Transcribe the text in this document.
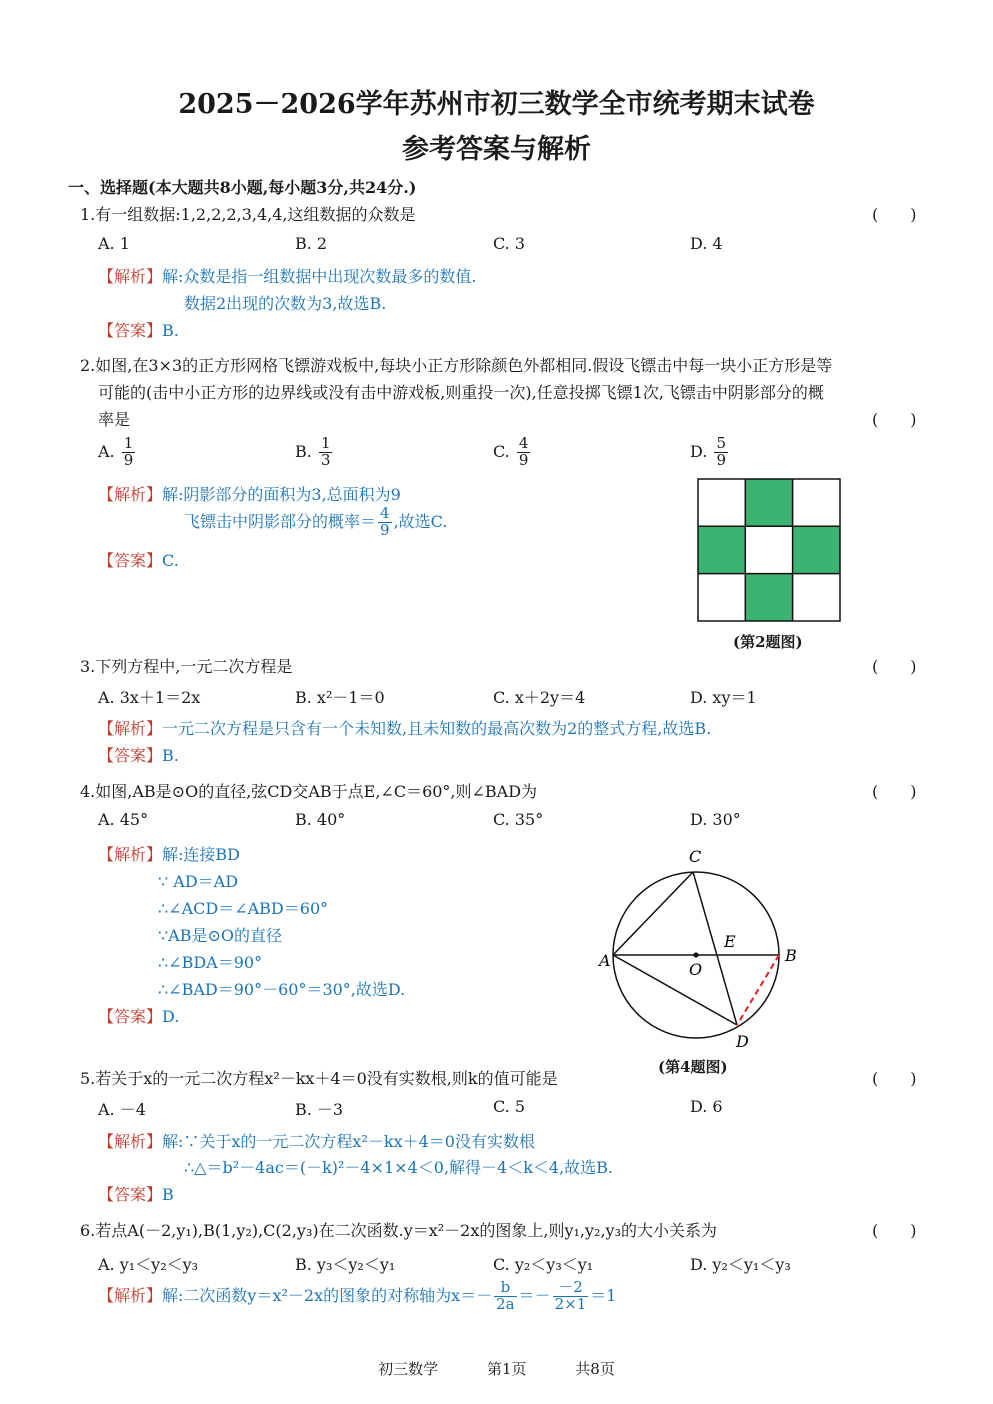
2025－2026学年苏州市初三数学全市统考期末试卷
参考答案与解析
一、选择题(本大题共8小题,每小题3分,共24分.)
1.有一组数据:1,2,2,2,3,4,4,这组数据的众数是	(　　)
A. 1	B. 2	C. 3	D. 4
【解析】解:众数是指一组数据中出现次数最多的数值.
数据2出现的次数为3,故选B.
【答案】B.
2.如图,在3×3的正方形网格飞镖游戏板中,每块小正方形除颜色外都相同.假设飞镖击中每一块小正方形是等
可能的(击中小正方形的边界线或没有击中游戏板,则重投一次),任意投掷飞镖1次,飞镖击中阴影部分的概
率是	(　　)
A. $\frac{1}{9}$	B. $\frac{1}{3}$	C. $\frac{4}{9}$	D. $\frac{5}{9}$
【解析】解:阴影部分的面积为3,总面积为9
飞镖击中阴影部分的概率＝ $\frac{4}{9}$ ,故选C.
【答案】C.
(第2题图)
3.下列方程中,一元二次方程是	(　　)
A. 3x＋1＝2x	B. x²－1＝0	C. x＋2y＝4	D. xy＝1
【解析】一元二次方程是只含有一个未知数,且未知数的最高次数为2的整式方程,故选B.
【答案】B.
4.如图,AB是⊙O的直径,弦CD交AB于点E,∠C＝60°,则∠BAD为	(　　)
A. 45°	B. 40°	C. 35°	D. 30°
【解析】解:连接BD
∵ AD＝AD
∴∠ACD＝∠ABD＝60°
∵AB是⊙O的直径
∴∠BDA＝90°
∴∠BAD＝90°－60°＝30°,故选D.
【答案】D.
A	B
C
D
E
O
(第4题图)
5.若关于x的一元二次方程x²－kx＋4＝0没有实数根,则k的值可能是	(　　)
A. －4	B. －3	C. 5	D. 6
【解析】解:∵关于x的一元二次方程x²－kx＋4＝0没有实数根
∴△＝b²－4ac＝(－k)²－4×1×4＜0,解得－4＜k＜4,故选B.
【答案】B
6.若点A(－2,y₁),B(1,y₂),C(2,y₃)在二次函数.y＝x²－2x的图象上,则y₁,y₂,y₃的大小关系为	(　　)
A. y₁＜y₂＜y₃	B. y₃＜y₂＜y₁	C. y₂＜y₃＜y₁	D. y₂＜y₁＜y₃
【解析】解:二次函数y＝x²－2x的图象的对称轴为$x=- \frac{b}{2a} =- \frac{-2}{2\times 1} =1$
初三数学	第1页	共8页
